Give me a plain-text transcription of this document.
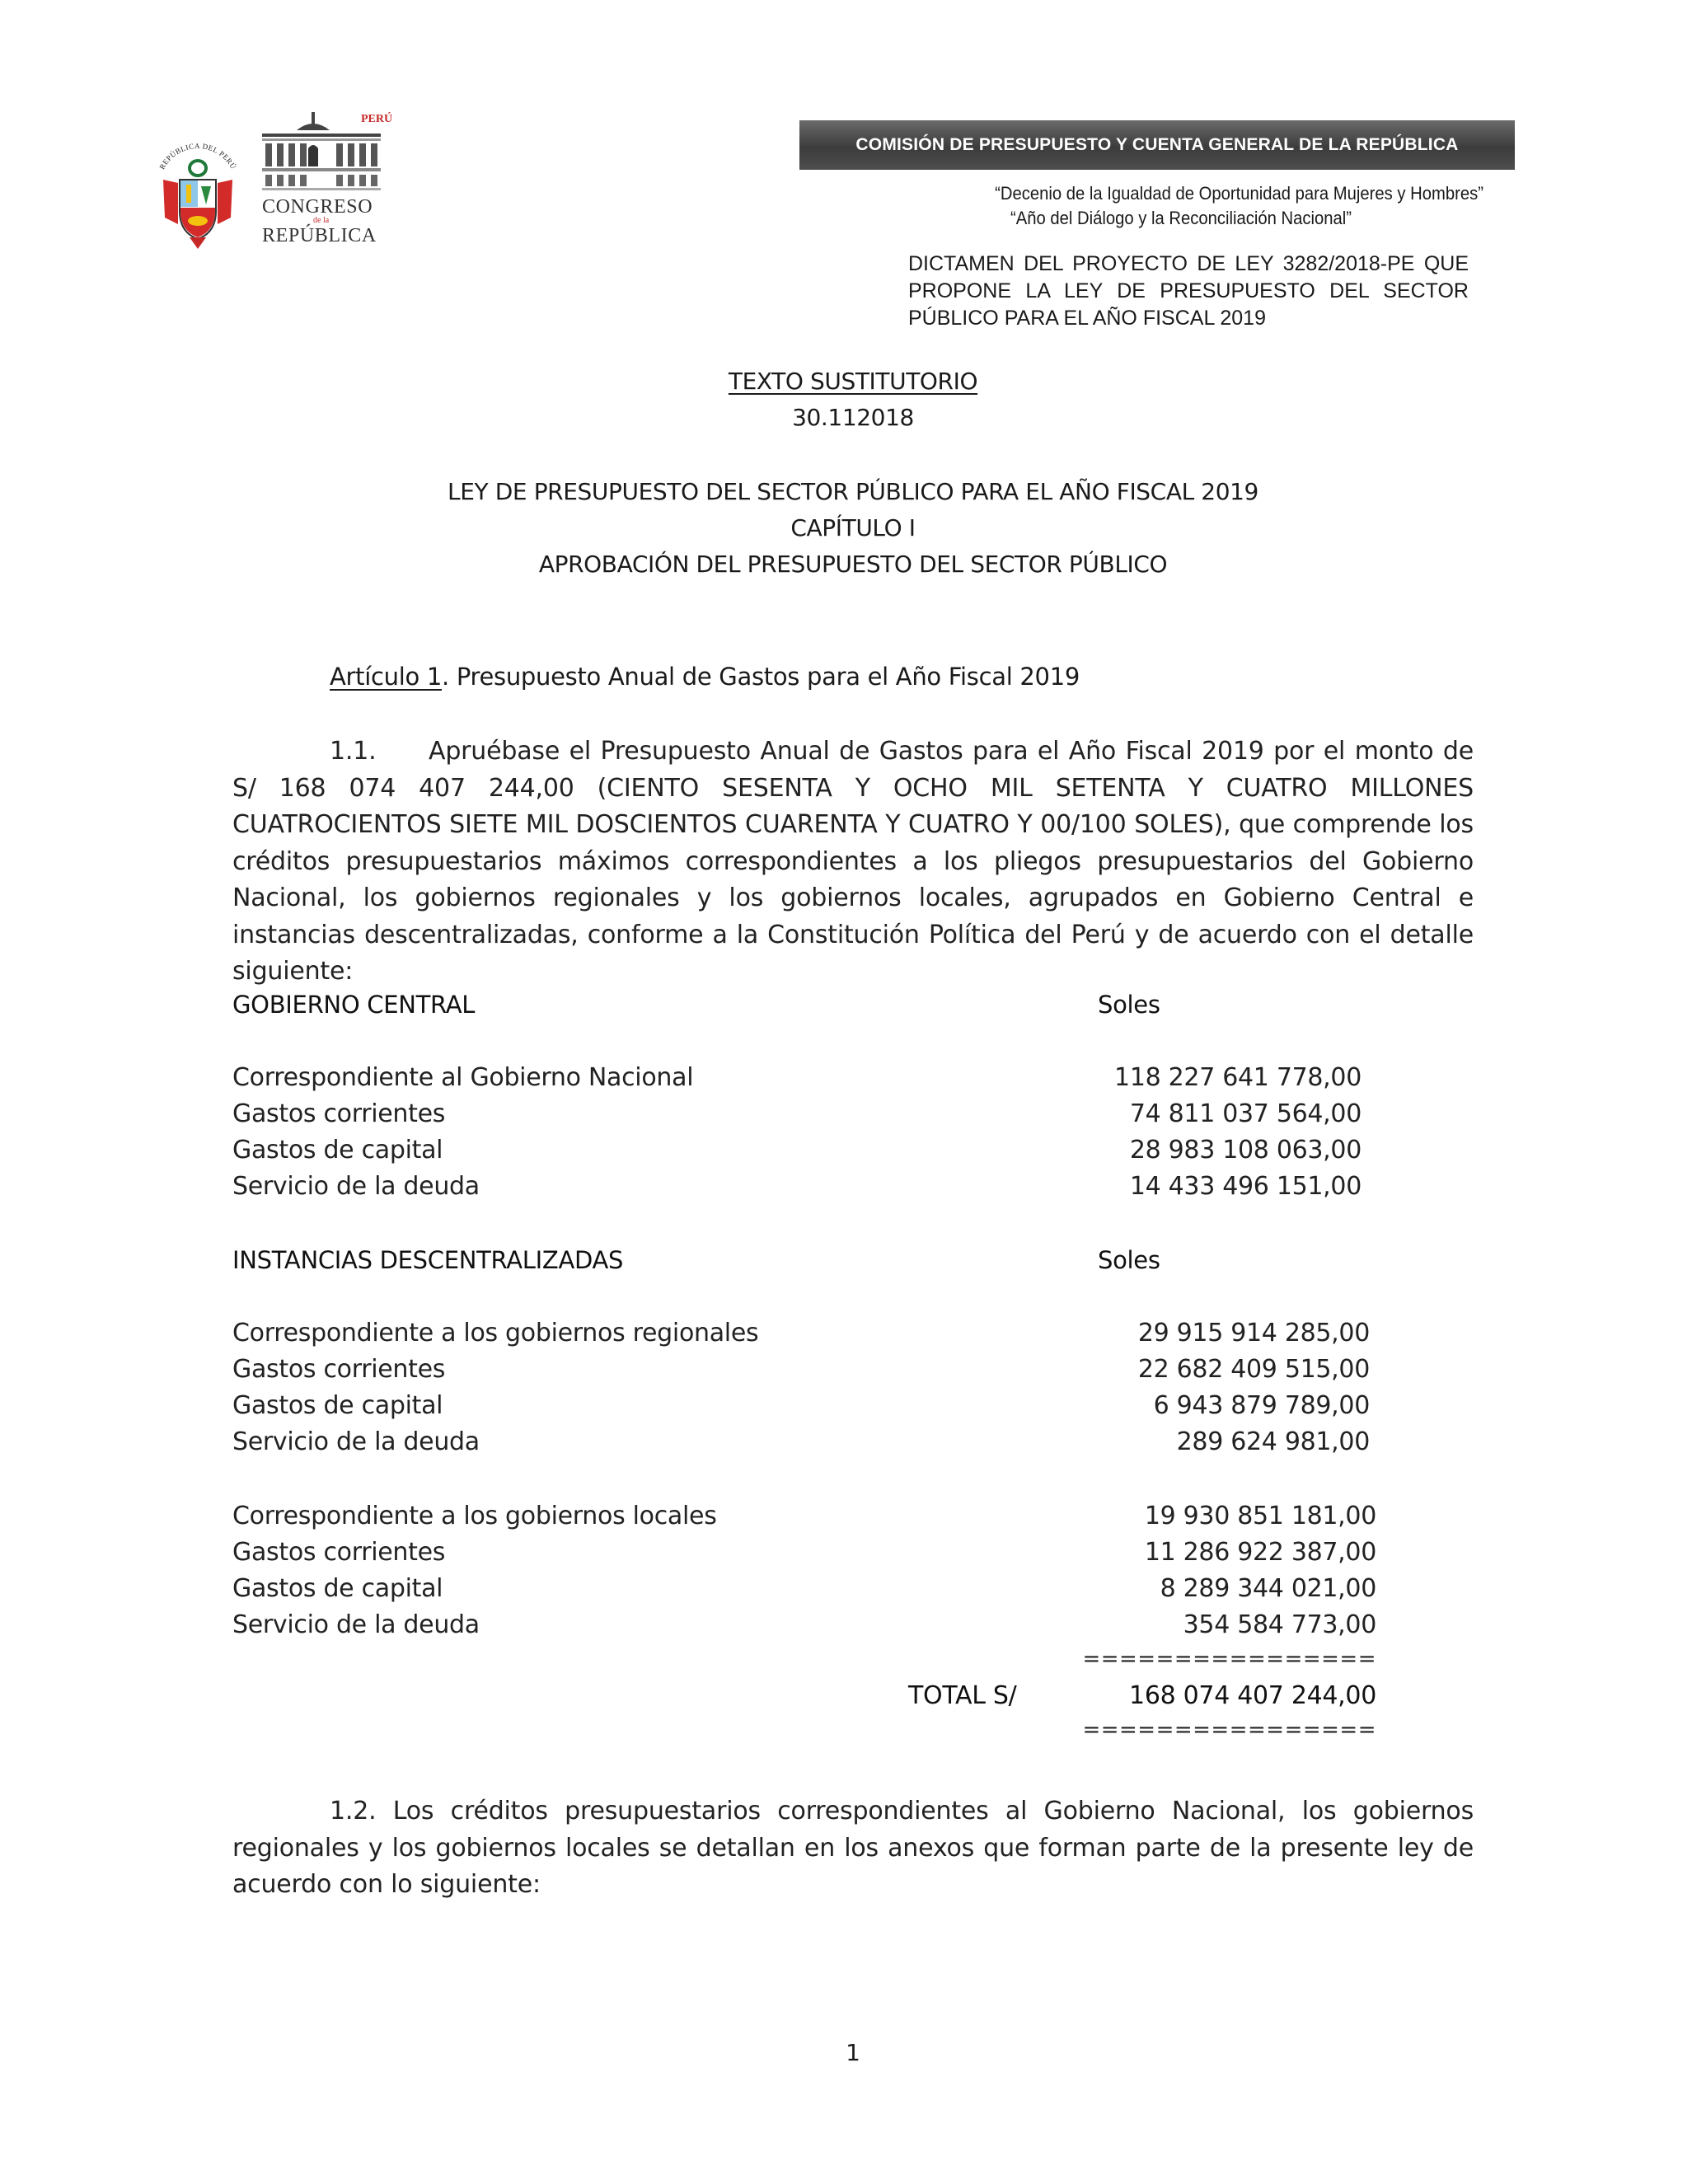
REPÚBLICA DEL PERÚ
PERÚ
CONGRESO
de la
REPÚBLICA
COMISIÓN DE PRESUPUESTO Y CUENTA GENERAL DE LA REPÚBLICA
“Decenio de la Igualdad de Oportunidad para Mujeres y Hombres”
“Año del Diálogo y la Reconciliación Nacional”
DICTAMEN DEL PROYECTO DE LEY 3282/2018-PE QUE PROPONE LA LEY DE PRESUPUESTO DEL SECTOR PÚBLICO PARA EL AÑO FISCAL 2019
TEXTO SUSTITUTORIO
30.112018
LEY DE PRESUPUESTO DEL SECTOR PÚBLICO PARA EL AÑO FISCAL 2019
CAPÍTULO I
APROBACIÓN DEL PRESUPUESTO DEL SECTOR PÚBLICO
Artículo 1. Presupuesto Anual de Gastos para el Año Fiscal 2019
1.1. Apruébase el Presupuesto Anual de Gastos para el Año Fiscal 2019 por el monto de S/ 168 074 407 244,00 (CIENTO SESENTA Y OCHO MIL SETENTA Y CUATRO MILLONES CUATROCIENTOS SIETE MIL DOSCIENTOS CUARENTA Y CUATRO Y 00/100 SOLES), que comprende los créditos presupuestarios máximos correspondientes a los pliegos presupuestarios del Gobierno Nacional, los gobiernos regionales y los gobiernos locales, agrupados en Gobierno Central e instancias descentralizadas, conforme a la Constitución Política del Perú y de acuerdo con el detalle siguiente:
GOBIERNO CENTRAL	Soles
Correspondiente al Gobierno Nacional	118 227 641 778,00
Gastos corrientes	74 811 037 564,00
Gastos de capital	28 983 108 063,00
Servicio de la deuda	14 433 496 151,00
INSTANCIAS DESCENTRALIZADAS	Soles
Correspondiente a los gobiernos regionales	29 915 914 285,00
Gastos corrientes	22 682 409 515,00
Gastos de capital	6 943 879 789,00
Servicio de la deuda	289 624 981,00
Correspondiente a los gobiernos locales	19 930 851 181,00
Gastos corrientes	11 286 922 387,00
Gastos de capital	8 289 344 021,00
Servicio de la deuda	354 584 773,00
================
TOTAL S/	168 074 407 244,00
================
1.2. Los créditos presupuestarios correspondientes al Gobierno Nacional, los gobiernos regionales y los gobiernos locales se detallan en los anexos que forman parte de la presente ley de acuerdo con lo siguiente:
1
